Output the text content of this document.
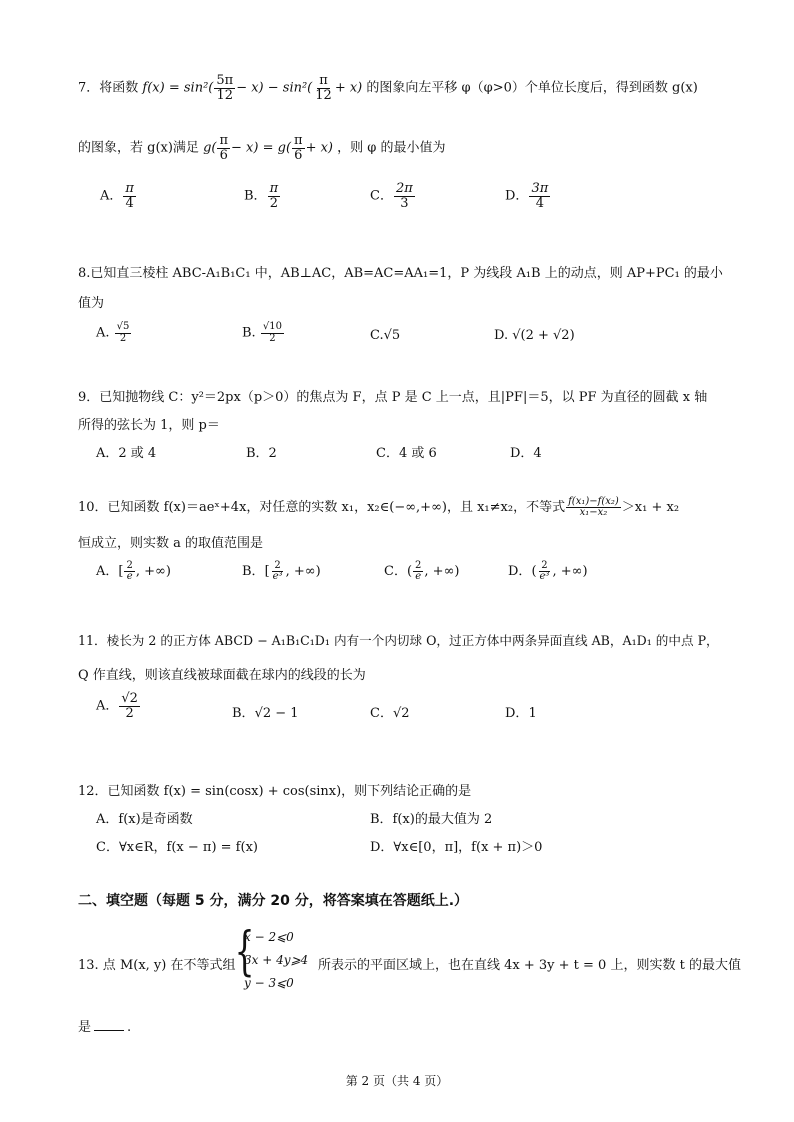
7．将函数 $f(x) = \sin^2( \frac{5\pi}{12} - x) - \sin^2( \frac{\pi}{12} + x)$ 的图象向左平移 φ（φ>0）个单位长度后，得到函数 g(x)
的图象，若 g(x)满足 $g( \frac{\pi}{6} - x) = g( \frac{\pi}{6} + x)$ ，则 φ 的最小值为
A． $\frac{\pi}{4}$	B． $\frac{\pi}{2}$	C． $\frac{2\pi}{3}$	D． $\frac{3\pi}{4}$
8.已知直三棱柱 ABC-A₁B₁C₁ 中，AB⊥AC，AB=AC=AA₁=1，P 为线段 A₁B 上的动点，则 AP+PC₁ 的最小
值为
A. $\frac{√5}{2}$	B. $\frac{√10}{2}$	C.√5	D. √(2 + √2)
9．已知抛物线 C：y²＝2px（p＞0）的焦点为 F，点 P 是 C 上一点，且|PF|＝5，以 PF 为直径的圆截 x 轴
所得的弦长为 1，则 p＝
A．2 或 4	B．2	C．4 或 6	D．4
10．已知函数 f(x)＝aeˣ+4x，对任意的实数 x₁，x₂∈(−∞,+∞)，且 x₁≠x₂，不等式 $\frac{\text{f(x₁)−f(x₂)}}{\text{x₁−x₂}} >x_1 + x_2$
恒成立，则实数 a 的取值范围是
A．[ $\frac{2}{e}$ , +∞)	B．[ $\frac{2}{\text{e³}}$ , +∞)	C．( $\frac{2}{e}$ , +∞)	D．( $\frac{2}{\text{e³}}$ , +∞)
11．棱长为 2 的正方体 ABCD − A₁B₁C₁D₁ 内有一个内切球 O，过正方体中两条异面直线 AB，A₁D₁ 的中点 P，
Q 作直线，则该直线被球面截在球内的线段的长为
A． $\frac{√2}{2}$	B．√2 − 1	C．√2	D．1
12．已知函数 f(x) = sin(cosx) + cos(sinx)，则下列结论正确的是
A．f(x)是奇函数	B．f(x)的最大值为 2
C．∀x∈R，f(x − π) = f(x)	D．∀x∈[0，π]，f(x + π)＞0
二、填空题（每题 5 分，满分 20 分，将答案填在答题纸上.）
13. 点 M(x, y) 在不等式组 {
x − 2⩽0
3x + 4y⩾4
y − 3⩽0
所表示的平面区域上，也在直线 4x + 3y + t = 0 上，则实数 t 的最大值
是	.
第 2 页（共 4 页）
